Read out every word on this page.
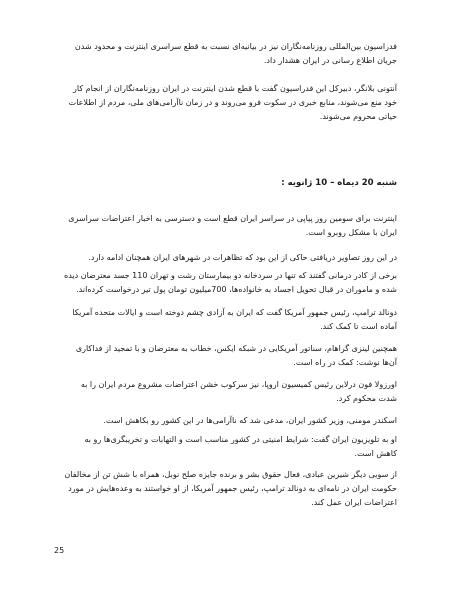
فدراسیون بین‌المللی روزنامه‌نگاران نیز در بیانیه‌ای نسبت به قطع سراسری اینترنت و محدود شدن جریان اطلاع رسانی در ایران هشدار داد.

آنتونی بلانگر، دبیرکل این فدراسیون گفت با قطع شدن اینترنت در ایران روزنامه‌نگاران از انجام کار خود منع می‌شوند، منابع خبری در سکوت فرو می‌روند و در زمان ناآرامی‌های ملی، مردم از اطلاعات حیاتی محروم می‌شوند.

شنبه 20 دیماه – 10 ژانویه :

اینترنت برای سومین روز پیاپی در سراسر ایران قطع است و دسترسی به اخبار اعتراضات سراسری ایران با مشکل روبرو است.

در این روز تصاویر دریافتی حاکی از این بود که تظاهرات در شهرهای ایران همچنان ادامه دارد.

برخی از کادر درمانی گفتند که تنها در سردخانه دو بیمارستان رشت و تهران 110 جسد معترضان دیده شده و ماموران در قبال تحویل اجساد به خانواده‌ها، 700میلیون تومان پول تیر درخواست کرده‌اند.

دونالد ترامپ، رئیس جمهور آمریکا گفت که ایران به آزادی چشم دوخته است و ایالات متحده آمریکا آماده است تا کمک کند.

همچنین لینزی گراهام، سناتور آمریکایی در شبکه ایکس، خطاب به معترضان و با تمجید از فداکاری آن‌ها نوشت: کمک در راه است.

اورزولا فون درلاین رئیس کمیسیون اروپا، نیز سرکوب خشن اعتراضات مشروع مردم ایران را به شدت محکوم کرد.

اسکندر مومنی، وزیر کشور ایران، مدعی شد که ناآرامی‌ها در این کشور رو بکاهش است.

او به تلویزیون ایران گفت: شرایط امنیتی در کشور مناسب است و التهابات و تخریبگری‌ها رو به کاهش است.

از سویی دیگر شیرین عبادی، فعال حقوق بشر و برنده جایزه صلح نوبل، همراه با شش تن از مخالفان حکومت ایران در نامه‌ای به دونالد ترامپ، رئیس جمهور آمریکا، از او خواستند به وعده‌هایش در مورد اعتراضات ایران عمل کند.

25
